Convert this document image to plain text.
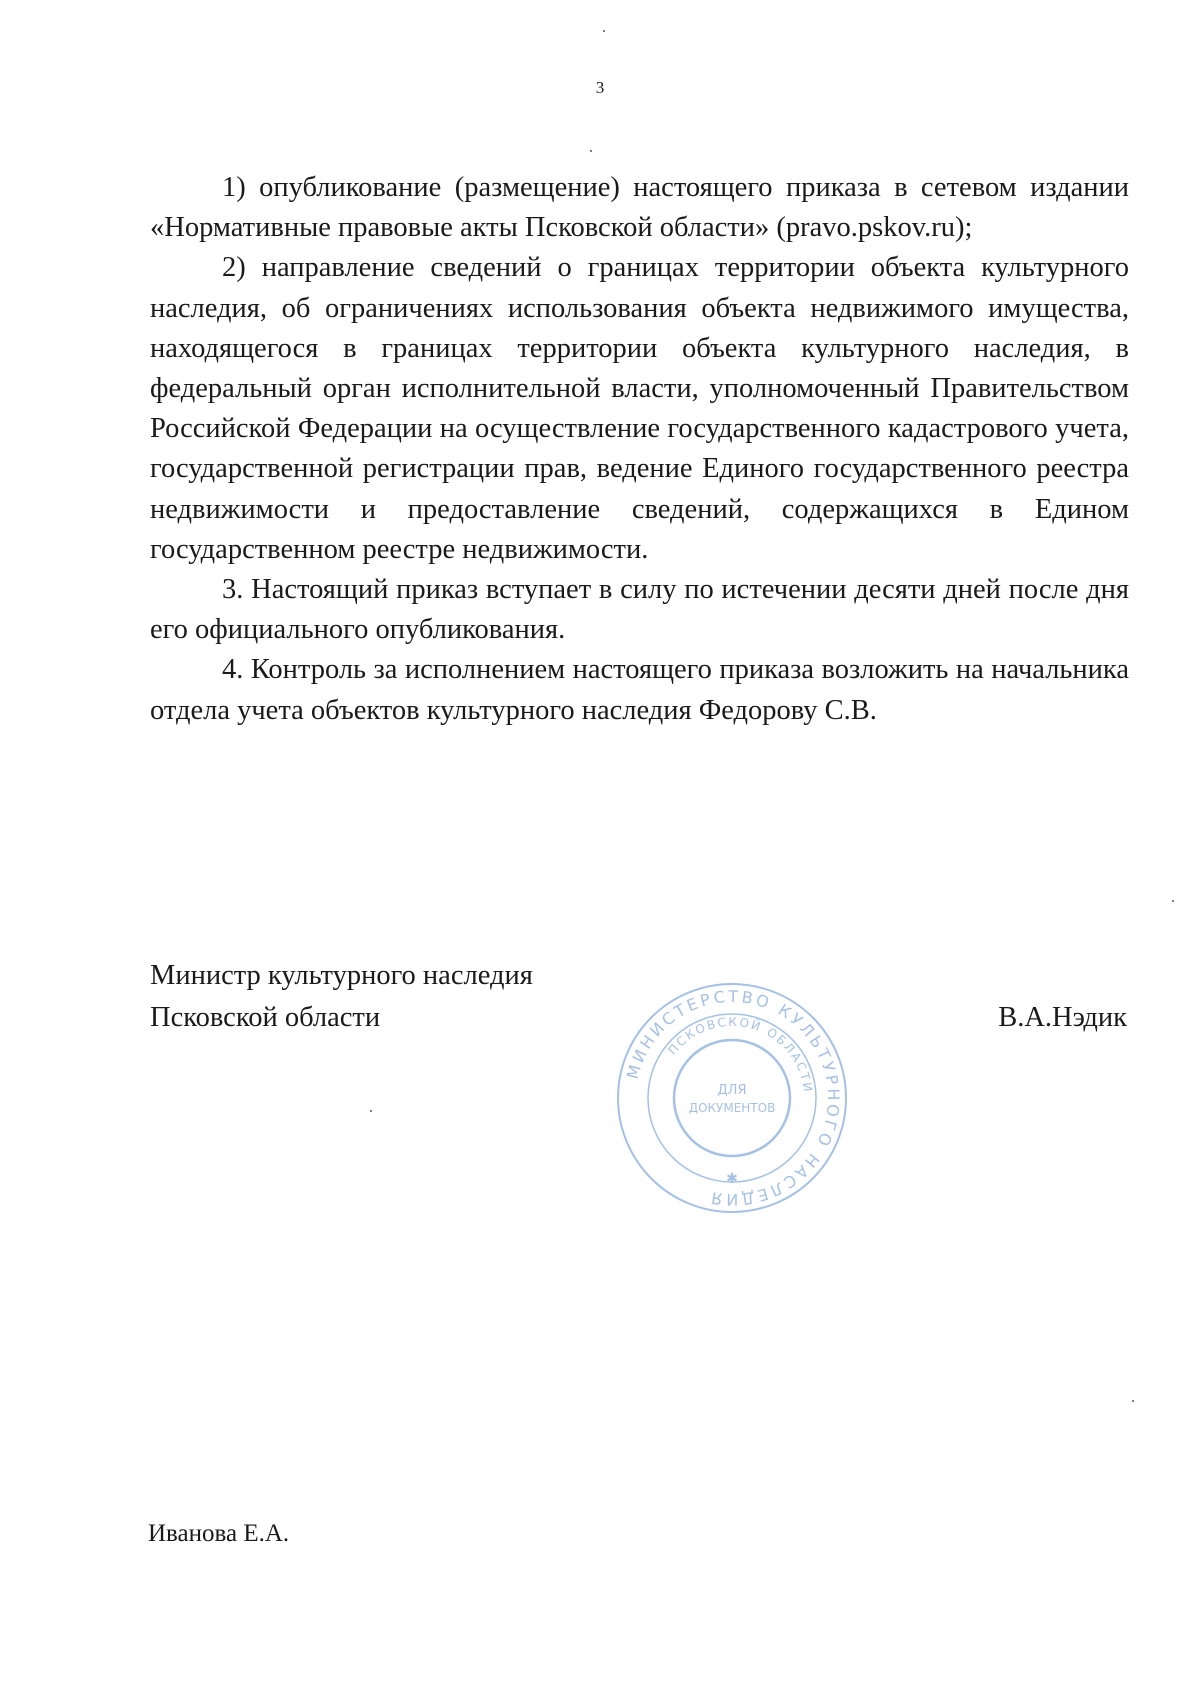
3

1) опубликование (размещение) настоящего приказа в сетевом издании «Нормативные правовые акты Псковской области» (pravo.pskov.ru);

2) направление сведений о границах территории объекта культурного наследия, об ограничениях использования объекта недвижимого имущества, находящегося в границах территории объекта культурного наследия, в федеральный орган исполнительной власти, уполномоченный Правительством Российской Федерации на осуществление государственного кадастрового учета, государственной регистрации прав, ведение Единого государственного реестра недвижимости и предоставление сведений, содержащихся в Едином государственном реестре недвижимости.

3. Настоящий приказ вступает в силу по истечении десяти дней после дня его официального опубликования.

4. Контроль за исполнением настоящего приказа возложить на начальника отдела учета объектов культурного наследия Федорову С.В.

Министр культурного наследия
Псковской области	В.А.Нэдик
МИНИСТЕРСТВО КУЛЬТУРНОГО НАСЛЕДИЯ
ПСКОВСКОЙ ОБЛАСТИ
ДЛЯ
ДОКУМЕНТОВ
✱
Иванова Е.А.
